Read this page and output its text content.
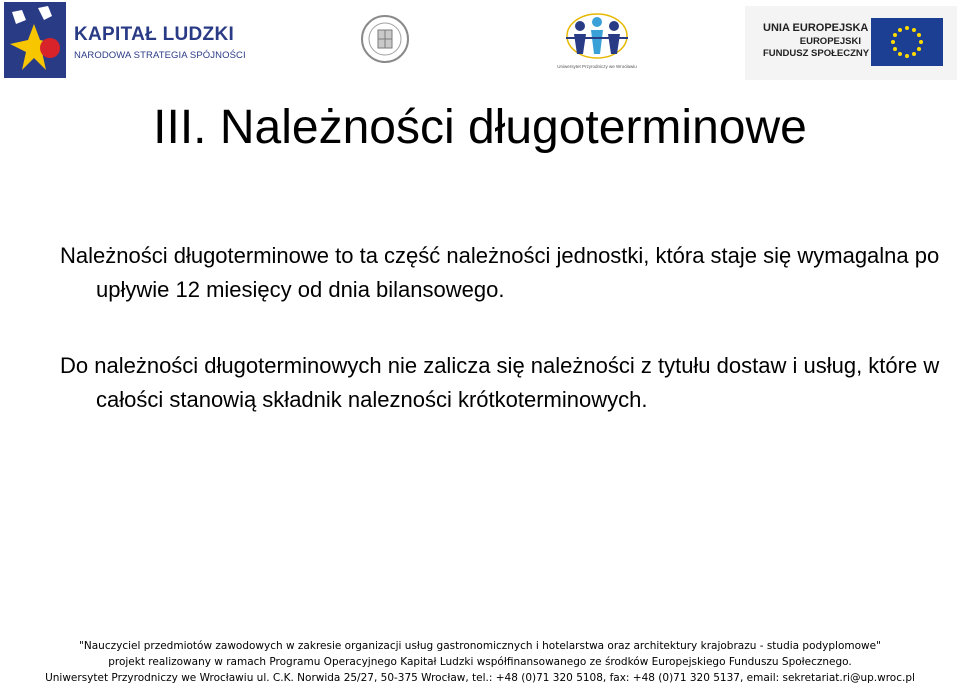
KAPITAŁ LUDZKI
NARODOWA STRATEGIA SPÓJNOŚCI
Uniwersytet Przyrodniczy we Wrocławiu
UNIA EUROPEJSKA
EUROPEJSKI
FUNDUSZ SPOŁECZNY
III. Należności długoterminowe

Należności długoterminowe to ta część należności jednostki, która staje się wymagalna po upływie 12 miesięcy od dnia bilansowego.

Do należności długoterminowych nie zalicza się należności z tytułu dostaw i usług, które w całości stanowią składnik nalezności krótkoterminowych.

"Nauczyciel przedmiotów zawodowych w zakresie organizacji usług gastronomicznych i hotelarstwa oraz architektury krajobrazu - studia podyplomowe"
projekt realizowany w ramach Programu Operacyjnego Kapitał Ludzki współfinansowanego ze środków Europejskiego Funduszu Społecznego.
Uniwersytet Przyrodniczy we Wrocławiu ul. C.K. Norwida 25/27, 50-375 Wrocław, tel.: +48 (0)71 320 5108, fax: +48 (0)71 320 5137, email: sekretariat.ri@up.wroc.pl
